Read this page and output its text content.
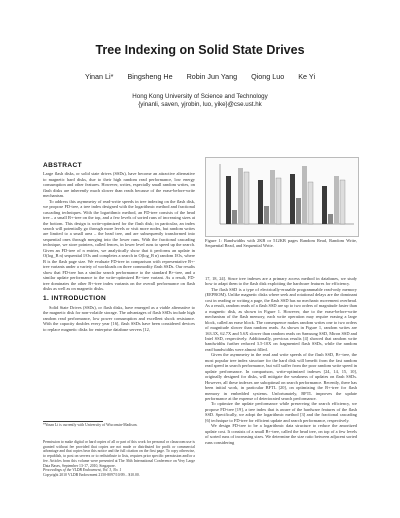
Tree Indexing on Solid State Drives
Yinan Li* Bingsheng He Robin Jun Yang Qiong Luo Ke Yi
Hong Kong University of Science and Technology
{yinanli, saven, yjrobin, luo, yike}@cse.ust.hk
ABSTRACT

Large flash disks, or solid state drives (SSDs), have become an attractive alternative to magnetic hard disks, due to their high random read performance, low energy consumption and other features. However, writes, especially small random writes, on flash disks are inherently much slower than reads because of the erase-before-write mechanism.

To address this asymmetry of read-write speeds in tree indexing on the flash disk, we propose FD-tree, a tree index designed with the logarithmic method and fractional cascading techniques. With the logarithmic method, an FD-tree consists of the head tree – a small B+-tree on the top, and a few levels of sorted runs of increasing sizes at the bottom. This design is write-optimized for the flash disk; in particular, an index search will potentially go through more levels or visit more nodes, but random writes are limited to a small area – the head tree, and are subsequently transformed into sequential ones through merging into the lower runs. With the fractional cascading technique, we store pointers, called fences, in lower level runs to speed up the search. Given an FD-tree of n entries, we analytically show that it performs an update in O(log_B n) sequential I/Os and completes a search in O(log_B n) random I/Os, where B is the flash page size. We evaluate FD-tree in comparison with representative B+-tree variants under a variety of workloads on three commodity flash SSDs. Our results show that FD-tree has a similar search performance to the standard B+-tree, and a similar update performance to the write-optimized B+-tree variant. As a result, FD-tree dominates the other B+-tree index variants on the overall performance on flash disks as well as on magnetic disks.

1. INTRODUCTION

Solid State Drives (SSDs), or flash disks, have emerged as a viable alternative to the magnetic disk for non-volatile storage. The advantages of flash SSDs include high random read performance, low power consumption and excellent shock resistance. With the capacity doubles every year [16], flash SSDs have been considered devices to replace magnetic disks for enterprise database servers [12,

*Yinan Li is currently with University of Wisconsin-Madison.
Permission to make digital or hard copies of all or part of this work for personal or classroom use is granted without fee provided that copies are not made or distributed for profit or commercial advantage and that copies bear this notice and the full citation on the first page. To copy otherwise, to republish, to post on servers or to redistribute to lists, requires prior specific permission and/or a fee. Articles from this volume were presented at The 36th International Conference on Very Large Data Bases, September 13-17, 2010, Singapore.
Proceedings of the VLDB Endowment, Vol. 3, No. 1
Copyright 2010 VLDB Endowment 2150-8097/10/09... $10.00.
Figure 1: Bandwidths with 2KB or 512KB pages Random Read, Random Write, Sequential Read, and Sequential Write.

17, 18, 24]. Since tree indexes are a primary access method in databases, we study how to adapt them to the flash disk exploiting the hardware features for efficiency.

The flash SSD is a type of electrically-erasable programmable read-only memory (EEPROM). Unlike magnetic disks where seek and rotational delays are the dominant cost in reading or writing a page, the flash SSD has no mechanic movement overhead. As a result, random reads of a flash SSD are up to two orders of magnitude faster than a magnetic disk, as shown in Figure 1. However, due to the erase-before-write mechanism of the flash memory, each write operation may require erasing a large block, called an erase block. The consequence makes random writes one to two orders of magnitude slower than random reads. As shown in Figure 1, random writes are 163.3X, 62.7X and 5.6X slower than random reads on Samsung SSD, Mtron SSD and Intel SSD, respectively. Additionally, previous results [4] showed that random write bandwidths further reduced 3.5-10X on fragmented flash SSDs, while the random read bandwidths were almost filled.

Given the asymmetry in the read and write speeds of the flash SSD, B+-tree, the most popular tree index structure for the hard disk will benefit from the fast random read speed in search performance, but will suffer from the poor random write speed in update performance. In comparison, write-optimized indexes [24, 14, 15, 10], originally designed for disks, will mitigate the weakness of updates on flash SSDs. However, all these indexes are suboptimal on search performance. Recently, there has been initial work, in particular BFTL [20], on optimizing the B+-tree for flash memory in embedded systems. Unfortunately, BFTL improves the update performance at the expense of deteriorated search performance.

To optimize the update performance while preserving the search efficiency, we propose FD-tree [19], a tree index that is aware of the hardware features of the flash SSD. Specifically, we adopt the logarithmic method [3] and the fractional cascading [6] technique to FD-tree for efficient update and search performance, respectively.

We design FD-tree to be a logarithmic data structure to reduce the amortized update cost. It consists of a small B+-tree, called the head tree, on top of a few levels of sorted runs of increasing sizes. We determine the size ratio between adjacent sorted runs considering
